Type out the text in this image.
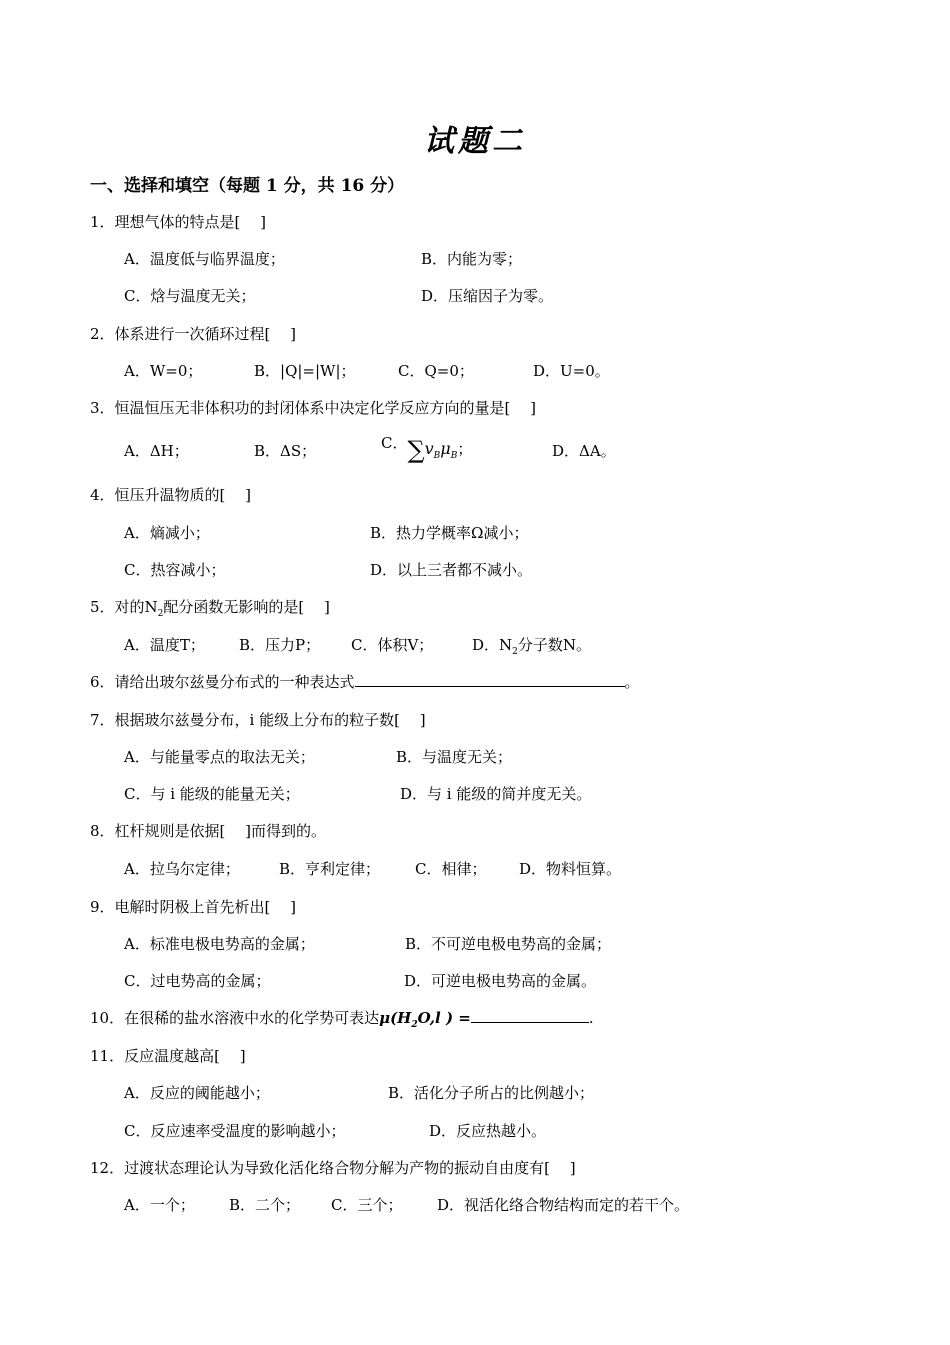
试题二
一、选择和填空（每题 1 分，共 16 分）
1．理想气体的特点是[　 ]
A．温度低与临界温度；	B．内能为零；
C．焓与温度无关；	D．压缩因子为零。
2．体系进行一次循环过程[　 ]
A．W=0；	B．|Q|=|W|；	C．Q=0；	D．U=0。
3．恒温恒压无非体积功的封闭体系中决定化学反应方向的量是[　 ]
A．ΔH；	B．ΔS；	C．$\sum v_B\mu_B$；	D．ΔA。
4．恒压升温物质的[　 ]
A．熵减小；	B．热力学概率Ω减小；
C．热容减小；	D．以上三者都不减小。
5．对的$N_2$配分函数无影响的是[　 ]
A．温度T； B．压力P； C．体积V；	D．$N_2$分子数N。
6．请给出玻尔兹曼分布式的一种表达式	。
7．根据玻尔兹曼分布，i 能级上分布的粒子数[　 ]
A．与能量零点的取法无关；	B．与温度无关；
C．与 i 能级的能量无关；	D．与 i 能级的简并度无关。
8．杠杆规则是依据[　 ]而得到的。
A．拉乌尔定律；	B．亨利定律； C．相律； D．物料恒算。
9．电解时阴极上首先析出[　 ]
A．标准电极电势高的金属；	B．不可逆电极电势高的金属；
C．过电势高的金属；	D．可逆电极电势高的金属。
10．在很稀的盐水溶液中水的化学势可表达$\mu(H_2O,l$ ) =	.
11．反应温度越高[　 ]
A．反应的阈能越小；	B．活化分子所占的比例越小；
C．反应速率受温度的影响越小；	D．反应热越小。
12．过渡状态理论认为导致化活化络合物分解为产物的振动自由度有[　 ]
A．一个； B．二个； C．三个； D．视活化络合物结构而定的若干个。
